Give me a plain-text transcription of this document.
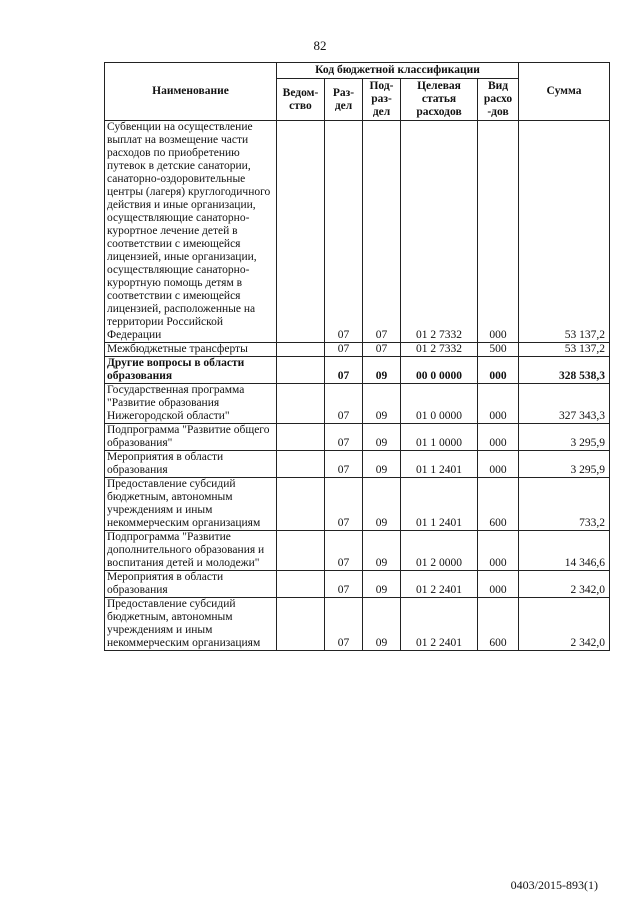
82
Наименование	Код бюджетной классификации					Сумма
	Ведом-ство	Раз-дел	Под-раз-дел	Целевая статья расходов	Вид расхо -дов	
Субвенции на осуществление выплат на возмещение части расходов по приобретению путевок в детские санатории, санаторно-оздоровительные центры (лагеря) круглогодичного действия и иные организации, осуществляющие санаторно-курортное лечение детей в соответствии с имеющейся лицензией, иные организации, осуществляющие санаторно-курортную помощь детям в соответствии с имеющейся лицензией, расположенные на территории Российской Федерации		07	07	01 2 7332	000	53 137,2
Межбюджетные трансферты		07	07	01 2 7332	500	53 137,2
Другие вопросы в области образования		07	09	00 0 0000	000	328 538,3
Государственная программа "Развитие образования Нижегородской области"		07	09	01 0 0000	000	327 343,3
Подпрограмма "Развитие общего образования"		07	09	01 1 0000	000	3 295,9
Мероприятия в области образования		07	09	01 1 2401	000	3 295,9
Предоставление субсидий бюджетным, автономным учреждениям и иным некоммерческим организациям		07	09	01 1 2401	600	733,2
Подпрограмма "Развитие дополнительного образования и воспитания детей и молодежи"		07	09	01 2 0000	000	14 346,6
Мероприятия в области образования		07	09	01 2 2401	000	2 342,0
Предоставление субсидий бюджетным, автономным учреждениям и иным некоммерческим организациям		07	09	01 2 2401	600	2 342,0
0403/2015-893(1)
